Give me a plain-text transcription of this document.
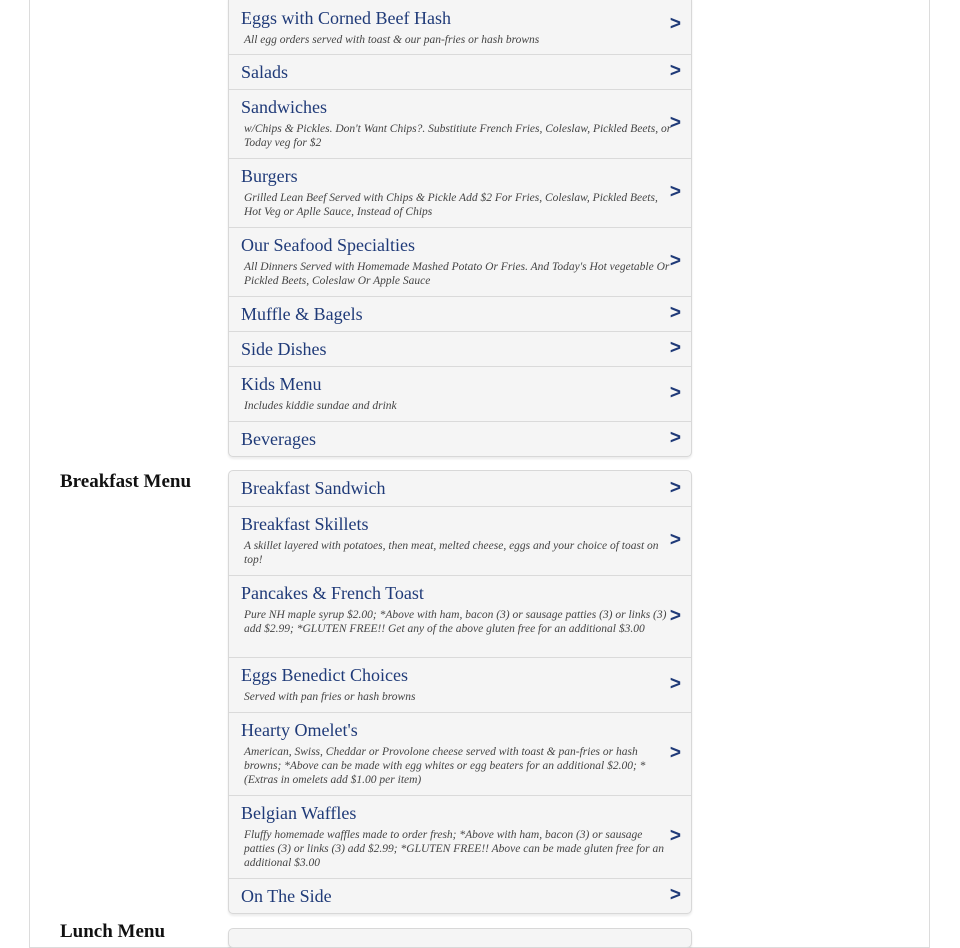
Eggs with Corned Beef Hash
All egg orders served with toast & our pan-fries or hash browns
>
Salads	>
Sandwiches
w/Chips & Pickles. Don't Want Chips?. Substitiute French Fries, Coleslaw, Pickled Beets, or Today veg for $2
>
Burgers
Grilled Lean Beef Served with Chips & Pickle Add $2 For Fries, Coleslaw, Pickled Beets, Hot Veg or Aplle Sauce, Instead of Chips
>
Our Seafood Specialties
All Dinners Served with Homemade Mashed Potato Or Fries. And Today's Hot vegetable Or Pickled Beets, Coleslaw Or Apple Sauce
>
Muffle & Bagels	>
Side Dishes	>
Kids Menu
Includes kiddie sundae and drink
>
Beverages	>
Breakfast Menu	Breakfast Sandwich	>
Breakfast Skillets
A skillet layered with potatoes, then meat, melted cheese, eggs and your choice of toast on top!
>
Pancakes & French Toast
Pure NH maple syrup $2.00; *Above with ham, bacon (3) or sausage patties (3) or links (3) add $2.99; *GLUTEN FREE!! Get any of the above gluten free for an additional $3.00
>
Eggs Benedict Choices
Served with pan fries or hash browns
>
Hearty Omelet's
American, Swiss, Cheddar or Provolone cheese served with toast & pan-fries or hash browns; *Above can be made with egg whites or egg beaters for an additional $2.00; * (Extras in omelets add $1.00 per item)
>
Belgian Waffles
Fluffy homemade waffles made to order fresh; *Above with ham, bacon (3) or sausage patties (3) or links (3) add $2.99; *GLUTEN FREE!! Above can be made gluten free for an additional $3.00
>
On The Side	>
Lunch Menu
